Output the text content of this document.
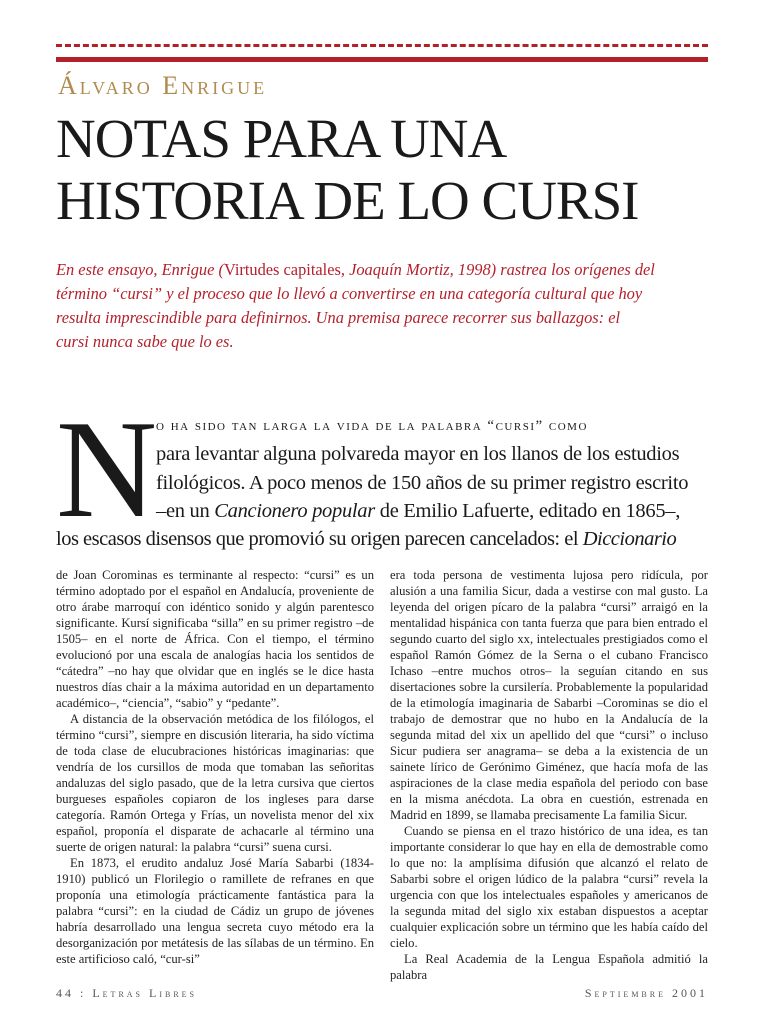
Álvaro Enrigue
NOTAS PARA UNA
HISTORIA DE LO CURSI
En este ensayo, Enrigue (Virtudes capitales, Joaquín Mortiz, 1998) rastrea los orígenes del término “cursi” y el proceso que lo llevó a convertirse en una categoría cultural que hoy resulta imprescindible para definirnos. Una premisa parece recorrer sus ballazgos: el cursi nunca sabe que lo es.
N
o ha sido tan larga la vida de la palabra “cursi” como
para levantar alguna polvareda mayor en los llanos de los estudios
filológicos. A poco menos de 150 años de su primer registro escrito
–en un Cancionero popular de Emilio Lafuerte, editado en 1865–,
los escasos disensos que promovió su origen parecen cancelados: el Diccionario

de Joan Corominas es terminante al respecto: “cursi” es un término adoptado por el español en Andalucía, proveniente de otro árabe marroquí con idéntico sonido y algún parentesco significante. Kursí significaba “silla” en su primer registro –de 1505– en el norte de África. Con el tiempo, el término evolucionó por una escala de analogías hacia los sentidos de “cátedra” –no hay que olvidar que en inglés se le dice hasta nuestros días chair a la máxima autoridad en un departamento académico–, “ciencia”, “sabio” y “pedante”.

A distancia de la observación metódica de los filólogos, el término “cursi”, siempre en discusión literaria, ha sido víctima de toda clase de elucubraciones históricas imaginarias: que vendría de los cursillos de moda que tomaban las señoritas andaluzas del siglo pasado, que de la letra cursiva que ciertos burgueses españoles copiaron de los ingleses para darse categoría. Ramón Ortega y Frías, un novelista menor del xix español, proponía el disparate de achacarle al término una suerte de origen natural: la palabra “cursi” suena cursi.

En 1873, el erudito andaluz José María Sabarbi (1834-1910) publicó un Florilegio o ramillete de refranes en que proponía una etimología prácticamente fantástica para la palabra “cursi”: en la ciudad de Cádiz un grupo de jóvenes habría desarrollado una lengua secreta cuyo método era la desorganización por metátesis de las sílabas de un término. En este artificioso caló, “cur-si”

era toda persona de vestimenta lujosa pero ridícula, por alusión a una familia Sicur, dada a vestirse con mal gusto. La leyenda del origen pícaro de la palabra “cursi” arraigó en la mentalidad hispánica con tanta fuerza que para bien entrado el segundo cuarto del siglo xx, intelectuales prestigiados como el español Ramón Gómez de la Serna o el cubano Francisco Ichaso –entre muchos otros– la seguían citando en sus disertaciones sobre la cursilería. Probablemente la popularidad de la etimología imaginaria de Sabarbi –Corominas se dio el trabajo de demostrar que no hubo en la Andalucía de la segunda mitad del xix un apellido del que “cursi” o incluso Sicur pudiera ser anagrama– se deba a la existencia de un sainete lírico de Gerónimo Giménez, que hacía mofa de las aspiraciones de la clase media española del periodo con base en la misma anécdota. La obra en cuestión, estrenada en Madrid en 1899, se llamaba precisamente La familia Sicur.

Cuando se piensa en el trazo histórico de una idea, es tan importante considerar lo que hay en ella de demostrable como lo que no: la amplísima difusión que alcanzó el relato de Sabarbi sobre el origen lúdico de la palabra “cursi” revela la urgencia con que los intelectuales españoles y americanos de la segunda mitad del siglo xix estaban dispuestos a aceptar cualquier explicación sobre un término que les había caído del cielo.

La Real Academia de la Lengua Española admitió la palabra

44 : Letras Libres	Septiembre 2001
